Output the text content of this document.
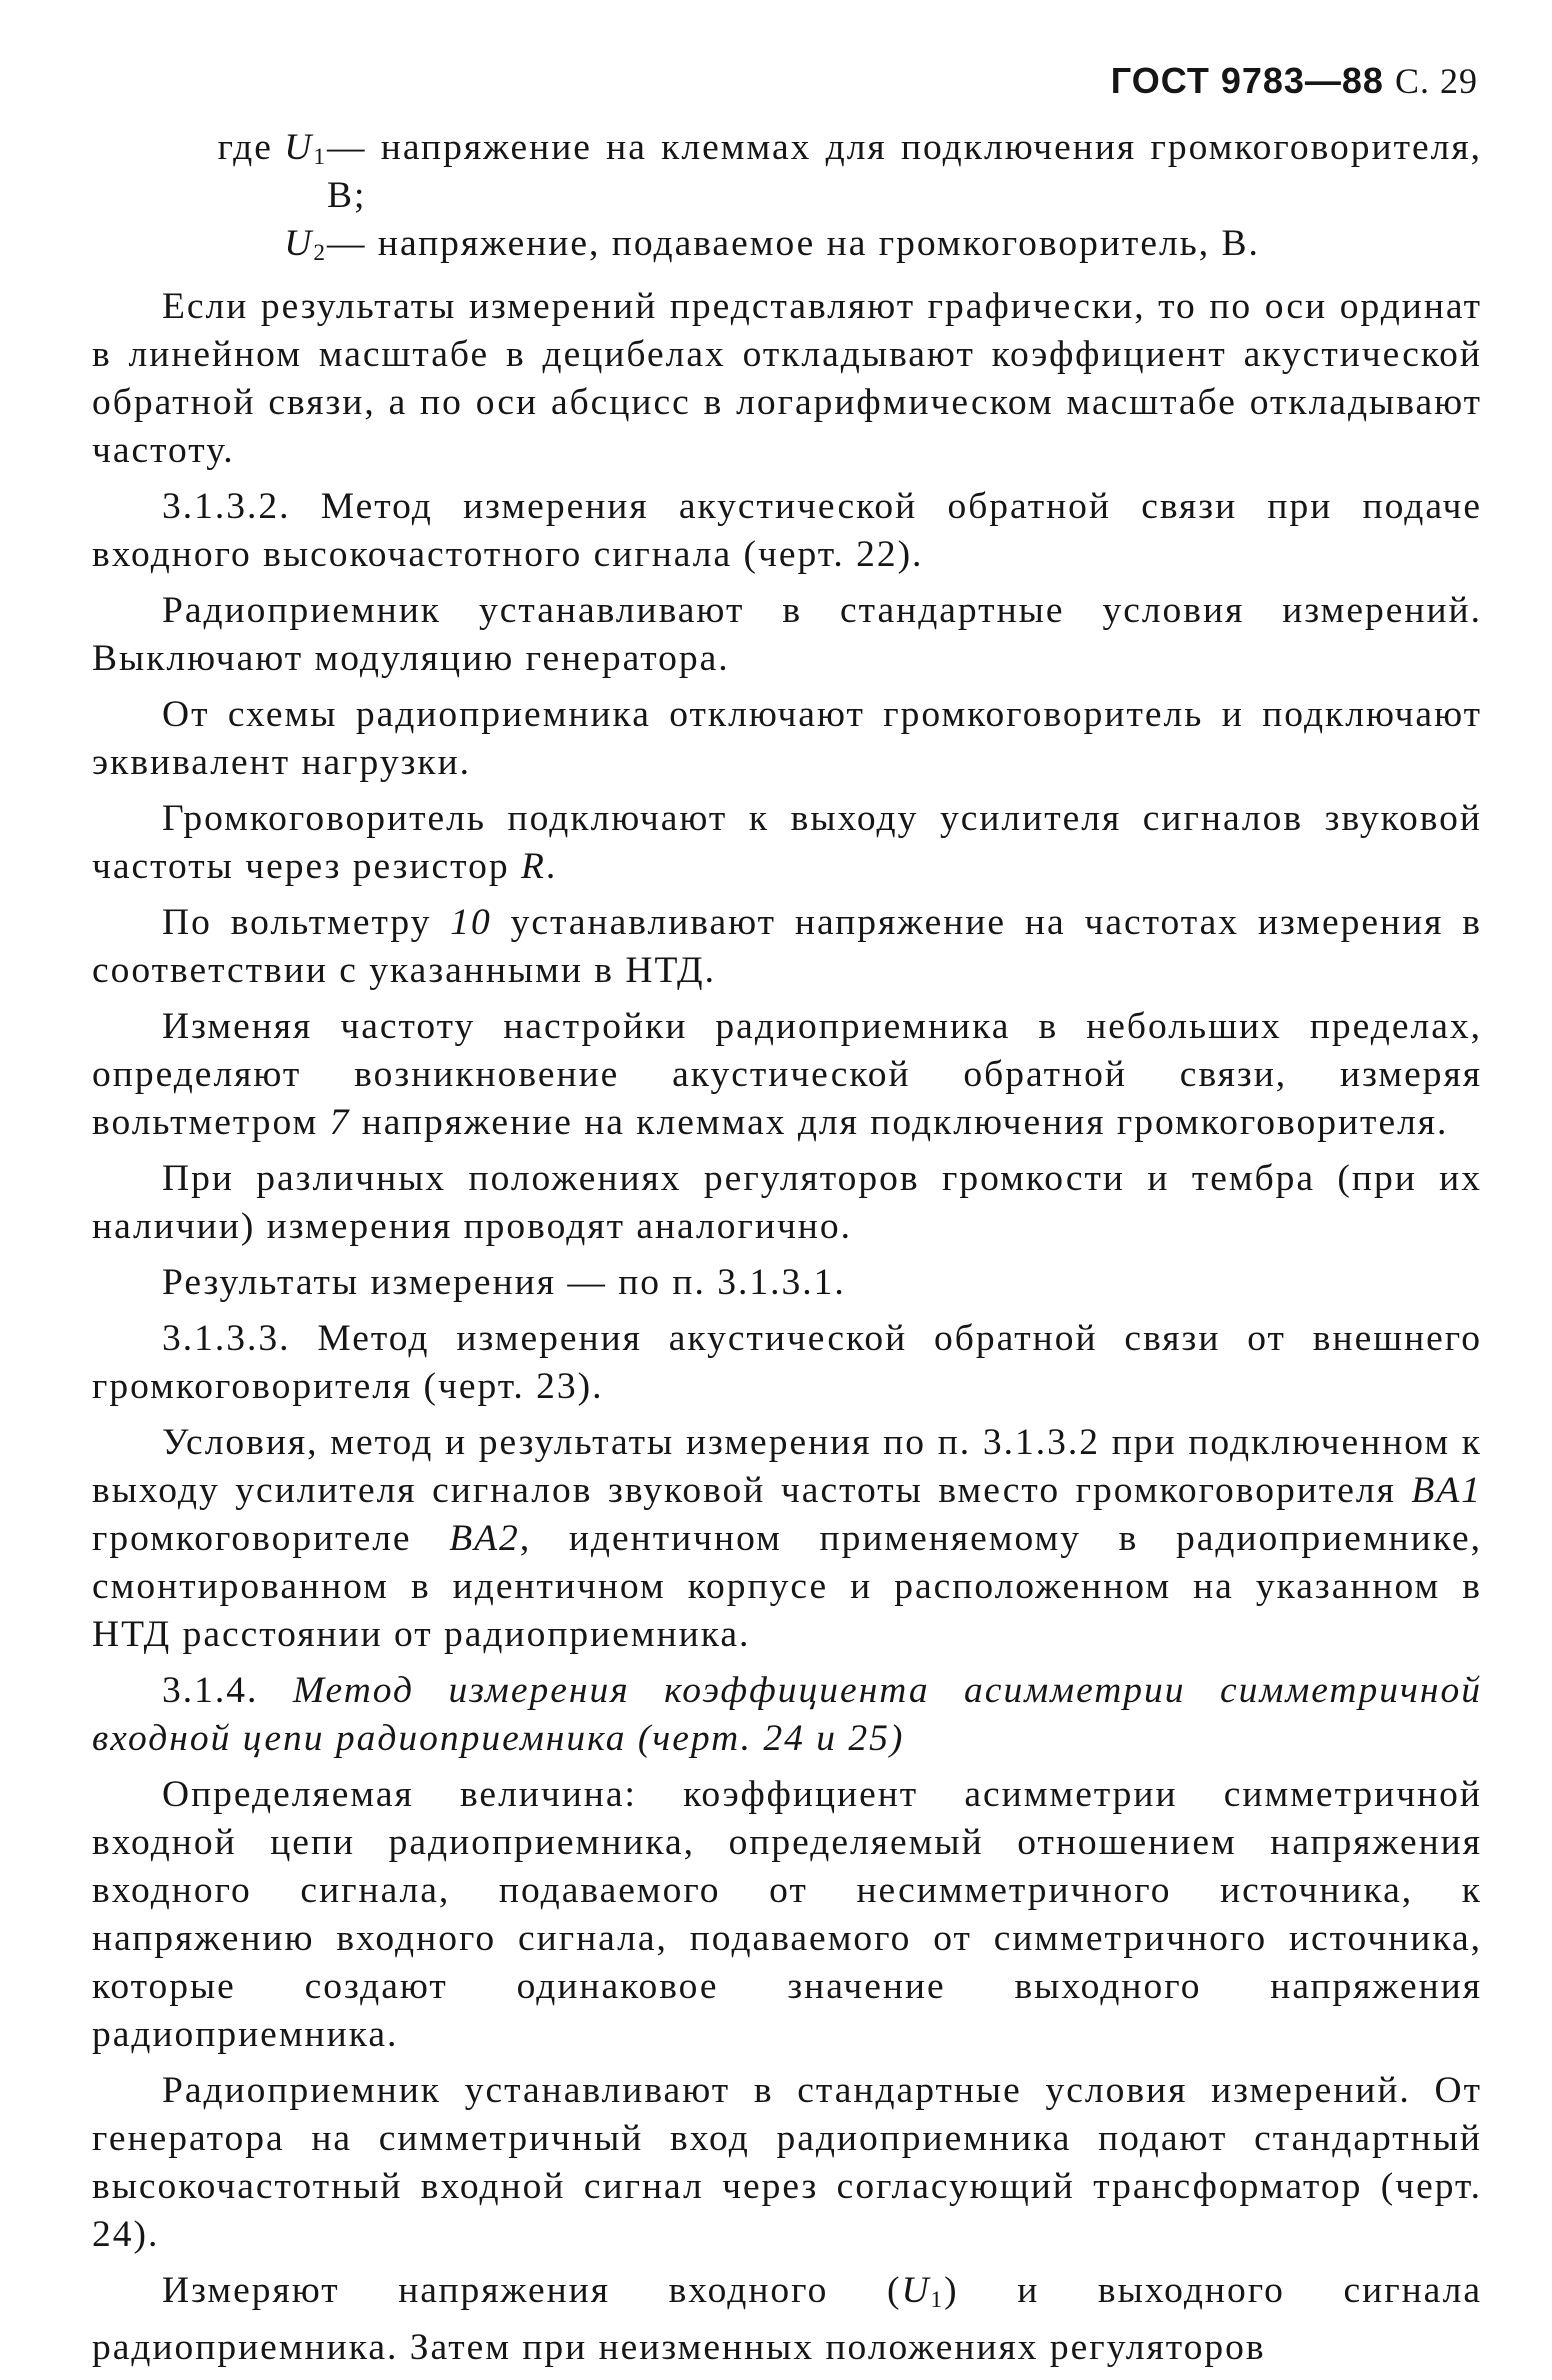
ГОСТ 9783—88 С. 29
где $U_1$ — напряжение на клеммах для подключения громкоговорителя, В;
$U_2$ — напряжение, подаваемое на громкоговоритель, В.

Если результаты измерений представляют графически, то по оси ординат в линейном масштабе в децибелах откладывают коэффициент акустической обратной связи, а по оси абсцисс в логарифмическом масштабе откладывают частоту.

3.1.3.2. Метод измерения акустической обратной связи при подаче входного высокочастотного сигнала (черт. 22).

Радиоприемник устанавливают в стандартные условия измерений. Выключают модуляцию генератора.

От схемы радиоприемника отключают громкоговоритель и подключают эквивалент нагрузки.

Громкоговоритель подключают к выходу усилителя сигналов звуковой частоты через резистор R.

По вольтметру 10 устанавливают напряжение на частотах измерения в соответствии с указанными в НТД.

Изменяя частоту настройки радиоприемника в небольших пределах, определяют возникновение акустической обратной связи, измеряя вольтметром 7 напряжение на клеммах для подключения громкоговорителя.

При различных положениях регуляторов громкости и тембра (при их наличии) измерения проводят аналогично.

Результаты измерения — по п. 3.1.3.1.

3.1.3.3. Метод измерения акустической обратной связи от внешнего громкоговорителя (черт. 23).

Условия, метод и результаты измерения по п. 3.1.3.2 при подключенном к выходу усилителя сигналов звуковой частоты вместо громкоговорителя BA1 громкоговорителе BA2, идентичном применяемому в радиоприемнике, смонтированном в идентичном корпусе и расположенном на указанном в НТД расстоянии от радиоприемника.

3.1.4. Метод измерения коэффициента асимметрии симметричной входной цепи радиоприемника (черт. 24 и 25)

Определяемая величина: коэффициент асимметрии симметричной входной цепи радиоприемника, определяемый отношением напряжения входного сигнала, подаваемого от несимметричного источника, к напряжению входного сигнала, подаваемого от симметричного источника, которые создают одинаковое значение выходного напряжения радиоприемника.

Радиоприемник устанавливают в стандартные условия измерений. От генератора на симметричный вход радиоприемника подают стандартный высокочастотный входной сигнал через согласующий трансформатор (черт. 24).

Измеряют напряжения входного $(U_1)$ и выходного сигнала радиоприемника. Затем при неизменных положениях регуляторов
